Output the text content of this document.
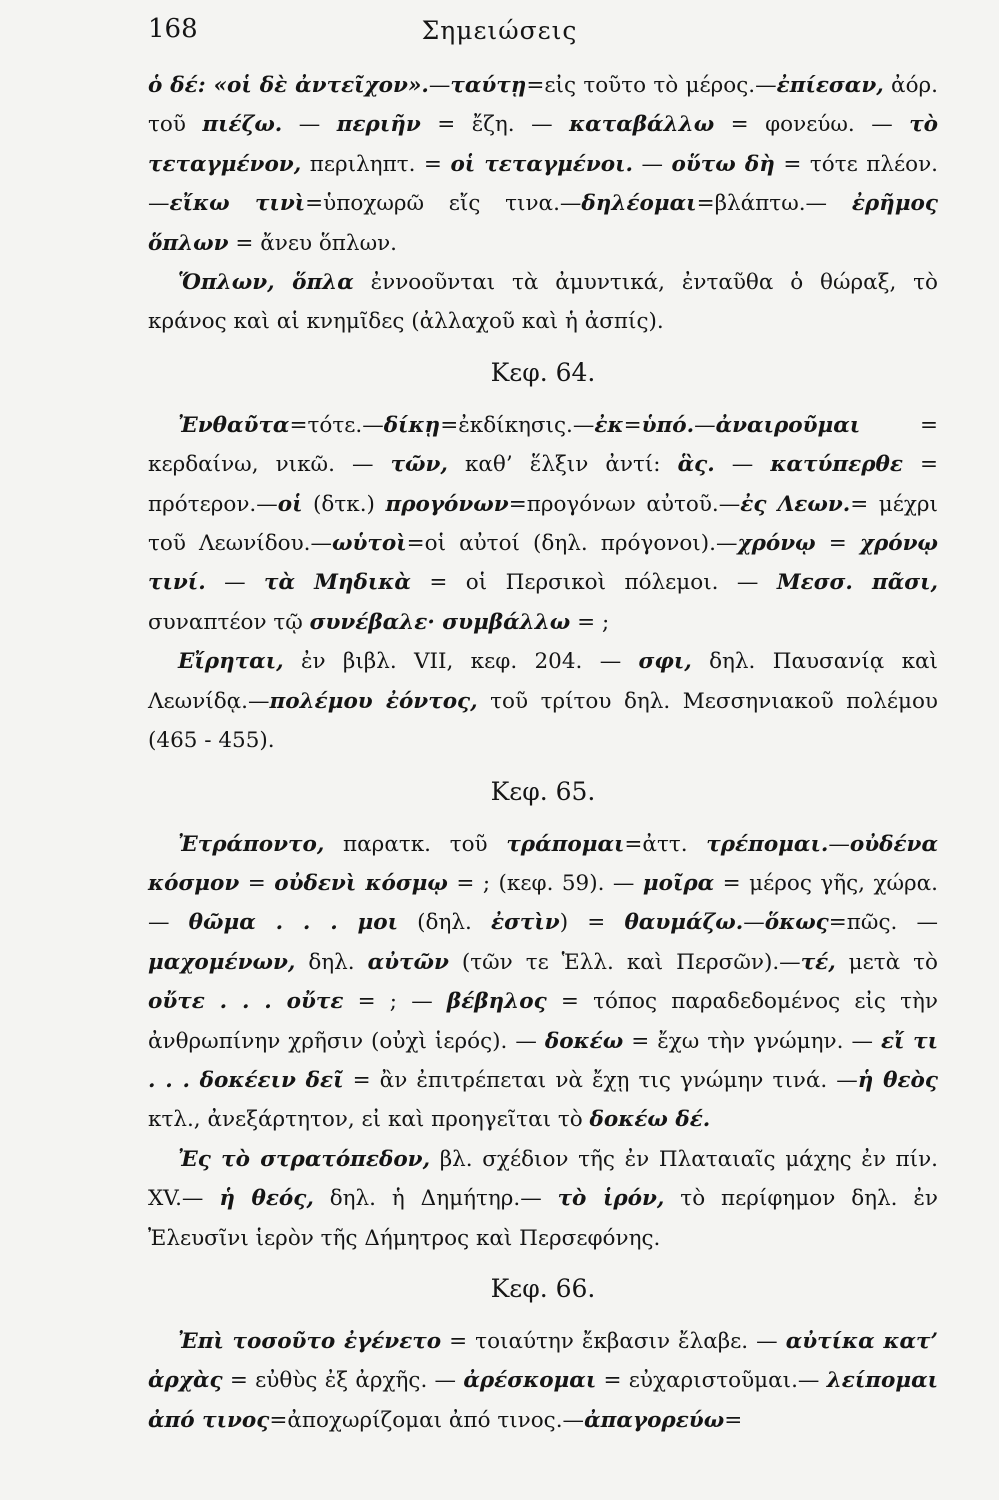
168	Σημειώσεις

ὁ δέ: «οἱ δὲ ἀντεῖχον».—ταύτῃ=εἰς τοῦτο τὸ μέρος.—ἐπίεσαν, ἀόρ. τοῦ πιέζω. — περιῆν = ἔζη. — καταβάλλω = φονεύω. — τὸ τεταγμένον, περιληπτ. = οἱ τεταγμένοι. — οὕτω δὴ = τότε πλέον.—εἴκω τινὶ=ὑποχωρῶ εἴς τινα.—δηλέομαι=βλάπτω.— ἐρῆμος ὅπλων = ἄνευ ὅπλων.

Ὅπλων, ὅπλα ἐννοοῦνται τὰ ἀμυντικά, ἐνταῦθα ὁ θώραξ, τὸ κράνος καὶ αἱ κνημῖδες (ἀλλαχοῦ καὶ ἡ ἀσπίς).

Κεφ. 64.

Ἐνθαῦτα=τότε.—δίκῃ=ἐκδίκησις.—ἐκ=ὑπό.—ἀναιροῦμαι = κερδαίνω, νικῶ. — τῶν, καθ’ ἕλξιν ἀντί: ἃς. — κατύπερθε = πρότερον.—οἱ (δτκ.) προγόνων=προγόνων αὐτοῦ.—ἐς Λεων.= μέχρι τοῦ Λεωνίδου.—ωὑτοὶ=οἱ αὐτοί (δηλ. πρόγονοι).—χρόνῳ = χρόνῳ τινί. — τὰ Μηδικὰ = οἱ Περσικοὶ πόλεμοι. — Μεσσ. πᾶσι, συναπτέον τῷ συνέβαλε· συμβάλλω = ;

Εἴρηται, ἐν βιβλ. VII, κεφ. 204. — σφι, δηλ. Παυσανίᾳ καὶ Λεωνίδᾳ.—πολέμου ἐόντος, τοῦ τρίτου δηλ. Μεσσηνιακοῦ πολέμου (465 - 455).

Κεφ. 65.

Ἐτράποντο, παρατκ. τοῦ τράπομαι=ἀττ. τρέπομαι.—οὐδένα κόσμον = οὐδενὶ κόσμῳ = ; (κεφ. 59). — μοῖρα = μέρος γῆς, χώρα. — θῶμα . . . μοι (δηλ. ἐστὶν) = θαυμάζω.—ὅκως=πῶς. —μαχομένων, δηλ. αὐτῶν (τῶν τε Ἑλλ. καὶ Περσῶν).—τέ, μετὰ τὸ οὔτε . . . οὔτε = ; — βέβηλος = τόπος παραδεδομένος εἰς τὴν ἀνθρωπίνην χρῆσιν (οὐχὶ ἱερός). — δοκέω = ἔχω τὴν γνώμην. — εἴ τι . . . δοκέειν δεῖ = ἂν ἐπιτρέπεται νὰ ἔχῃ τις γνώμην τινά. —ἡ θεὸς κτλ., ἀνεξάρτητον, εἰ καὶ προηγεῖται τὸ δοκέω δέ.

Ἐς τὸ στρατόπεδον, βλ. σχέδιον τῆς ἐν Πλαταιαῖς μάχης ἐν πίν. XV.— ἡ θεός, δηλ. ἡ Δημήτηρ.— τὸ ἱρόν, τὸ περίφημον δηλ. ἐν Ἐλευσῖνι ἱερὸν τῆς Δήμητρος καὶ Περσεφόνης.

Κεφ. 66.

Ἐπὶ τοσοῦτο ἐγένετο = τοιαύτην ἔκβασιν ἔλαβε. — αὐτίκα κατ’ ἀρχὰς = εὐθὺς ἐξ ἀρχῆς. — ἀρέσκομαι = εὐχαριστοῦμαι.— λείπομαι ἀπό τινος=ἀποχωρίζομαι ἀπό τινος.—ἀπαγορεύω=
